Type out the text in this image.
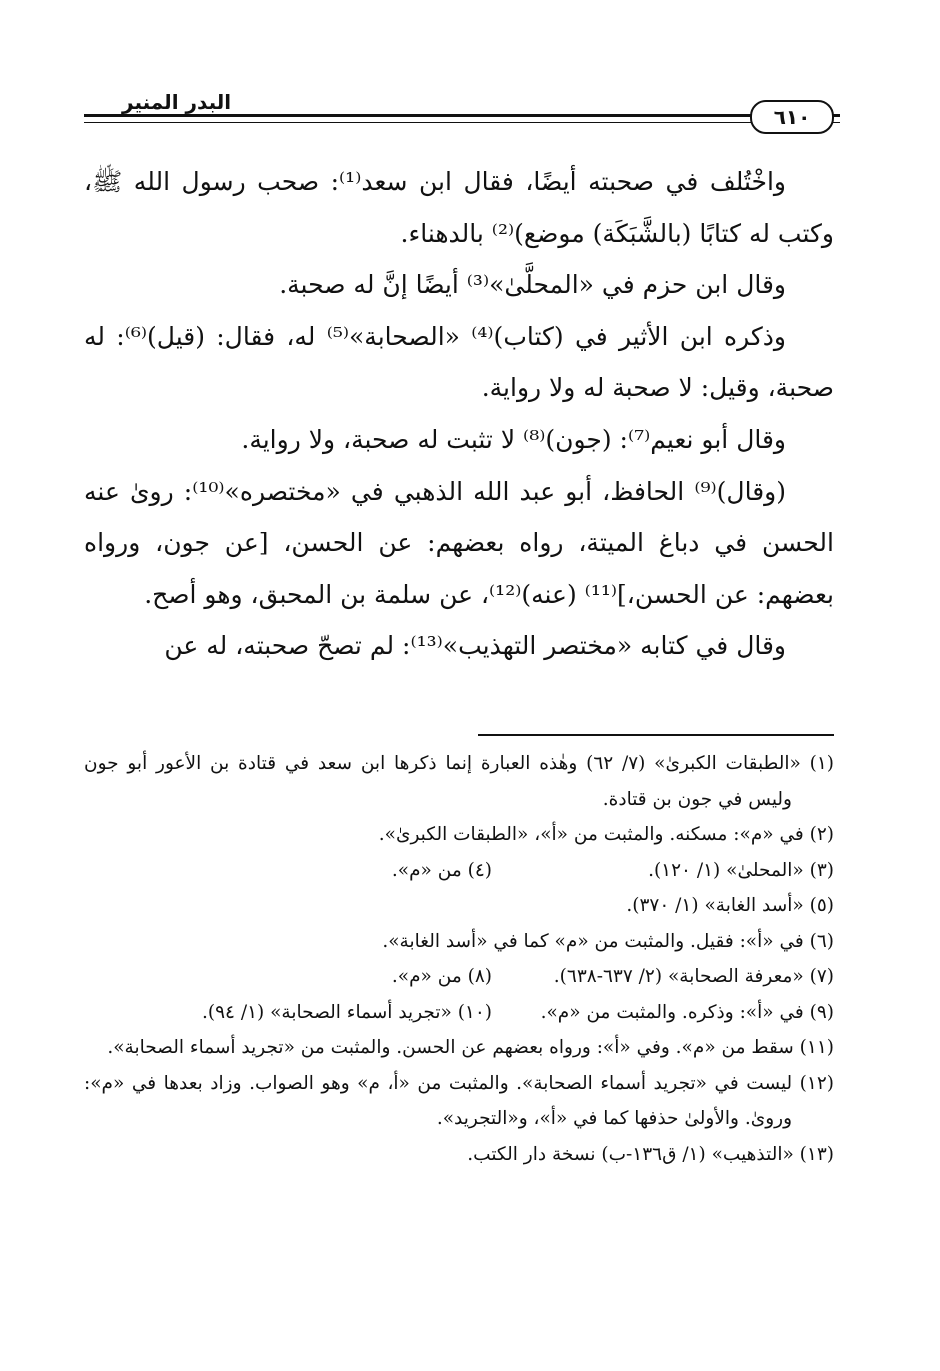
البدر المنير
٦١٠

واخْتُلف في صحبته أيضًا، فقال ابن سعد⁽¹⁾: صحب رسول الله ﷺ، وكتب له كتابًا (بالشَّبَكَة) موضع)⁽²⁾ بالدهناء.

وقال ابن حزم في «المحلَّىٰ»⁽³⁾ أيضًا إنَّ له صحبة.

وذكره ابن الأثير في (كتاب)⁽⁴⁾ «الصحابة»⁽⁵⁾ له، فقال: (قيل)⁽⁶⁾: له صحبة، وقيل: لا صحبة له ولا رواية.

وقال أبو نعيم⁽⁷⁾: (جون)⁽⁸⁾ لا تثبت له صحبة، ولا رواية.

(وقال)⁽⁹⁾ الحافظ، أبو عبد الله الذهبي في «مختصره»⁽¹⁰⁾: روىٰ عنه الحسن في دباغ الميتة، رواه بعضهم: عن الحسن، [عن جون، ورواه بعضهم: عن الحسن،]⁽¹¹⁾ (عنه)⁽¹²⁾، عن سلمة بن المحبق، وهو أصح.

وقال في كتابه «مختصر التهذيب»⁽¹³⁾: لم تصحّ صحبته، له عن

(١) «الطبقات الكبرىٰ» (٧/ ٦٢) وهٰذه العبارة إنما ذكرها ابن سعد في قتادة بن الأعور أبو جون وليس في جون بن قتادة.

(٢) في «م»: مسكنه. والمثبت من «أ»، «الطبقات الكبرىٰ».

(٣) «المحلىٰ» (١/ ١٢٠).

(٤) من «م».

(٥) «أسد الغابة» (١/ ٣٧٠).

(٦) في «أ»: فقيل. والمثبت من «م» كما في «أسد الغابة».

(٧) «معرفة الصحابة» (٢/ ٦٣٧-٦٣٨).

(٨) من «م».

(٩) في «أ»: وذكره. والمثبت من «م».

(١٠) «تجريد أسماء الصحابة» (١/ ٩٤).

(١١) سقط من «م». وفي «أ»: ورواه بعضهم عن الحسن. والمثبت من «تجريد أسماء الصحابة».

(١٢) ليست في «تجريد أسماء الصحابة». والمثبت من «أ، م» وهو الصواب. وزاد بعدها في «م»: وروىٰ. والأولىٰ حذفها كما في «أ»، و«التجريد».

(١٣) «التذهيب» (١/ ق١٣٦-ب) نسخة دار الكتب.
